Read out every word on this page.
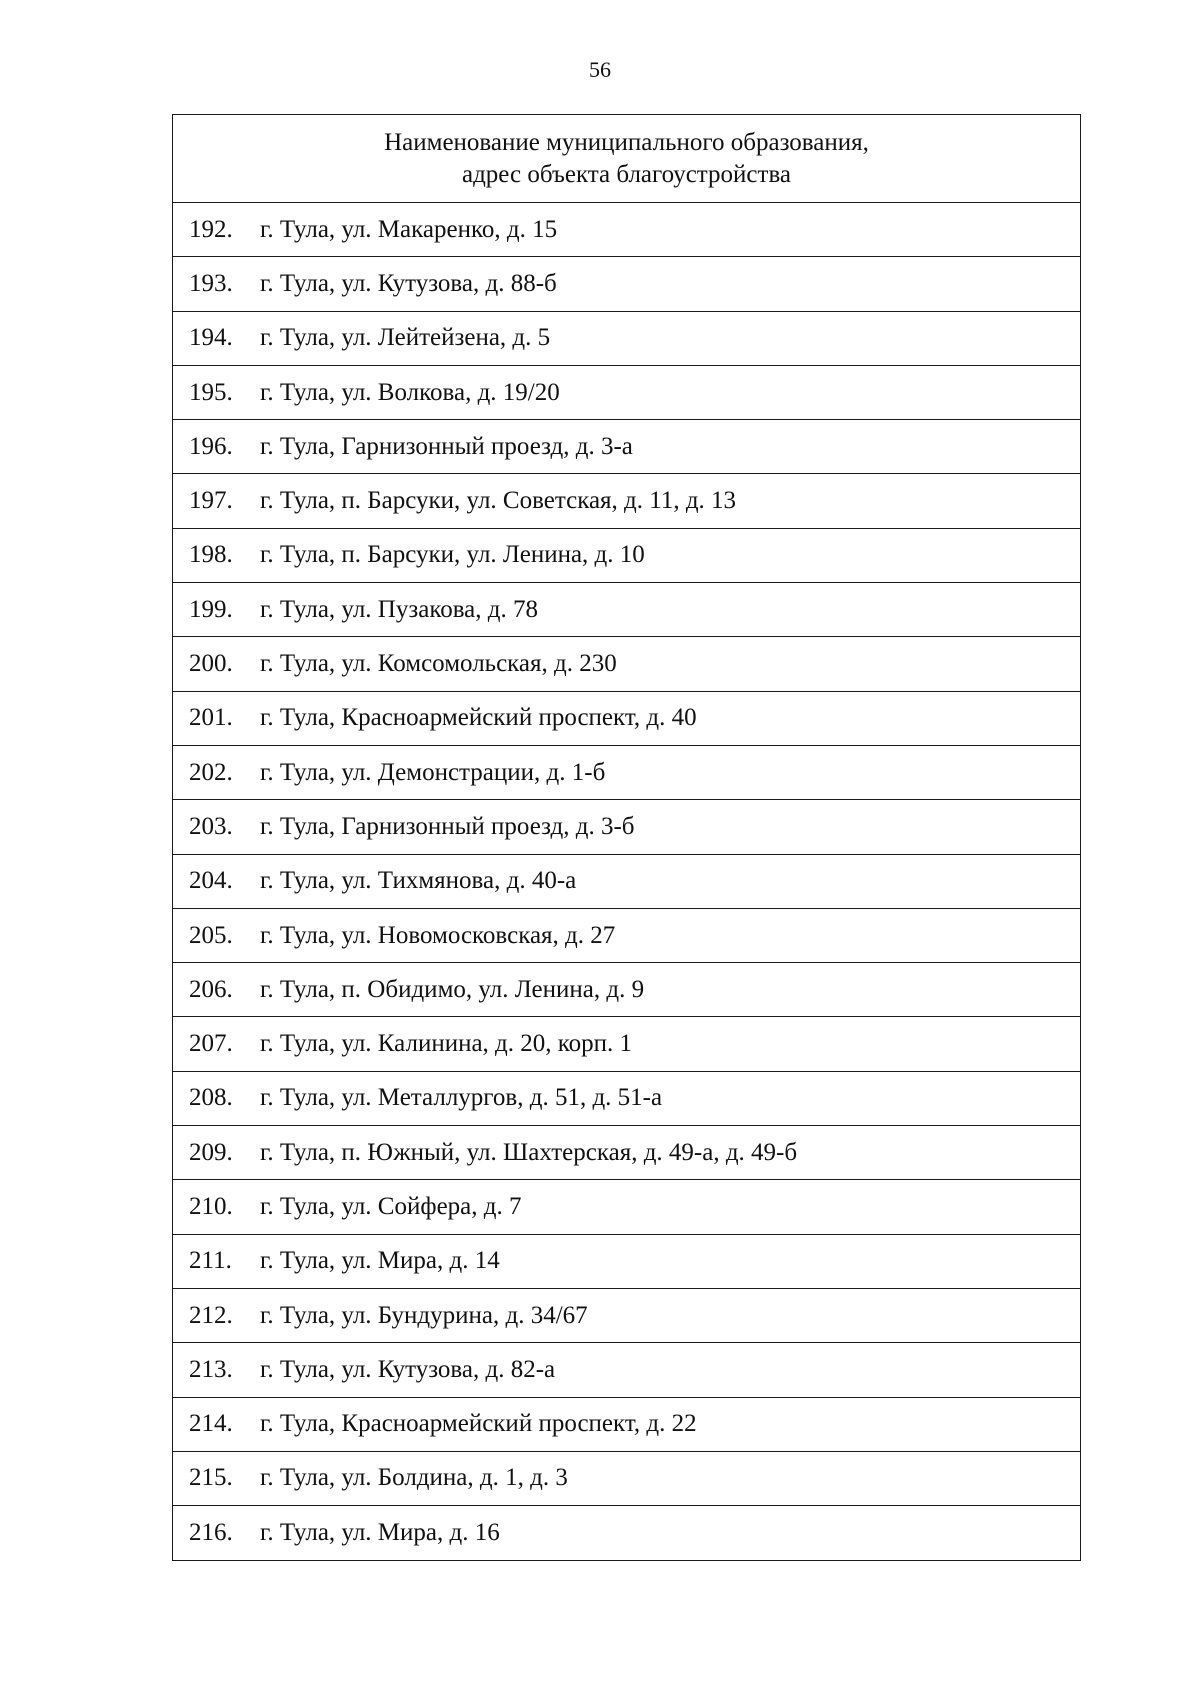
56
Наименование муниципального образования,
адрес объекта благоустройства
192.	г. Тула, ул. Макаренко, д. 15
193.	г. Тула, ул. Кутузова, д. 88-б
194.	г. Тула, ул. Лейтейзена, д. 5
195.	г. Тула, ул. Волкова, д. 19/20
196.	г. Тула, Гарнизонный проезд, д. 3-а
197.	г. Тула, п. Барсуки, ул. Советская, д. 11, д. 13
198.	г. Тула, п. Барсуки, ул. Ленина, д. 10
199.	г. Тула, ул. Пузакова, д. 78
200.	г. Тула, ул. Комсомольская, д. 230
201.	г. Тула, Красноармейский проспект, д. 40
202.	г. Тула, ул. Демонстрации, д. 1-б
203.	г. Тула, Гарнизонный проезд, д. 3-б
204.	г. Тула, ул. Тихмянова, д. 40-а
205.	г. Тула, ул. Новомосковская, д. 27
206.	г. Тула, п. Обидимо, ул. Ленина, д. 9
207.	г. Тула, ул. Калинина, д. 20, корп. 1
208.	г. Тула, ул. Металлургов, д. 51, д. 51-а
209.	г. Тула, п. Южный, ул. Шахтерская, д. 49-а, д. 49-б
210.	г. Тула, ул. Сойфера, д. 7
211.	г. Тула, ул. Мира, д. 14
212.	г. Тула, ул. Бундурина, д. 34/67
213.	г. Тула, ул. Кутузова, д. 82-а
214.	г. Тула, Красноармейский проспект, д. 22
215.	г. Тула, ул. Болдина, д. 1, д. 3
216.	г. Тула, ул. Мира, д. 16
